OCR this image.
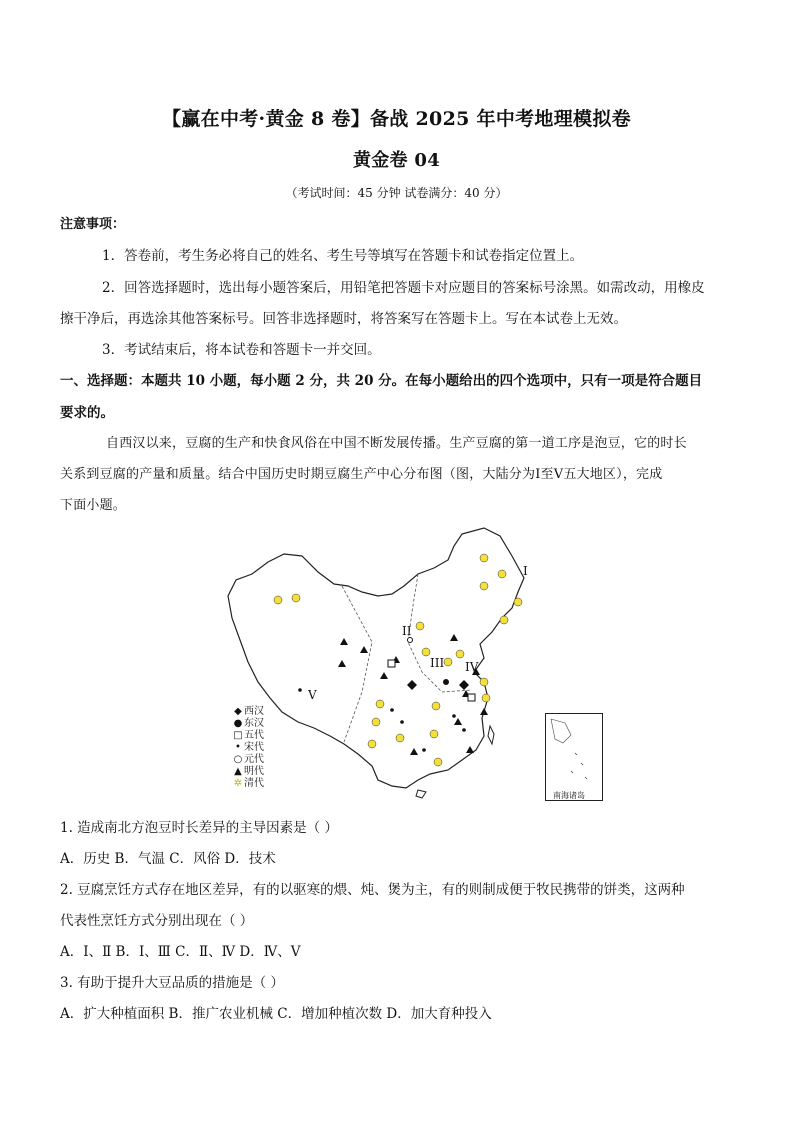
【赢在中考·黄金 8 卷】备战 2025 年中考地理模拟卷
黄金卷 04
（考试时间：45 分钟 试卷满分：40 分）
注意事项：
1．答卷前，考生务必将自己的姓名、考生号等填写在答题卡和试卷指定位置上。
2．回答选择题时，选出每小题答案后，用铅笔把答题卡对应题目的答案标号涂黑。如需改动，用橡皮
擦干净后，再选涂其他答案标号。回答非选择题时，将答案写在答题卡上。写在本试卷上无效。
3．考试结束后，将本试卷和答题卡一并交回。
一、选择题：本题共 10 小题，每小题 2 分，共 20 分。在每小题给出的四个选项中，只有一项是符合题目
要求的。
自西汉以来，豆腐的生产和快食风俗在中国不断发展传播。生产豆腐的第一道工序是泡豆，它的时长
关系到豆腐的产量和质量。结合中国历史时期豆腐生产中心分布图（图，大陆分为Ⅰ至Ⅴ五大地区），完成
下面小题。
I
II
III IV
V
◆ 西汉
● 东汉
□五代
• 宋代
○ 元代
▲ 明代
✲ 清代
南海诸岛
1. 造成南北方泡豆时长差异的主导因素是（ ）
A．历史 B．气温 C．风俗 D．技术
2. 豆腐烹饪方式存在地区差异，有的以驱寒的煨、炖、煲为主，有的则制成便于牧民携带的饼类，这两种
代表性烹饪方式分别出现在（ ）
A．Ⅰ、Ⅱ B．Ⅰ、Ⅲ C．Ⅱ、Ⅳ D．Ⅳ、Ⅴ
3. 有助于提升大豆品质的措施是（ ）
A．扩大种植面积 B．推广农业机械 C．增加种植次数 D．加大育种投入
